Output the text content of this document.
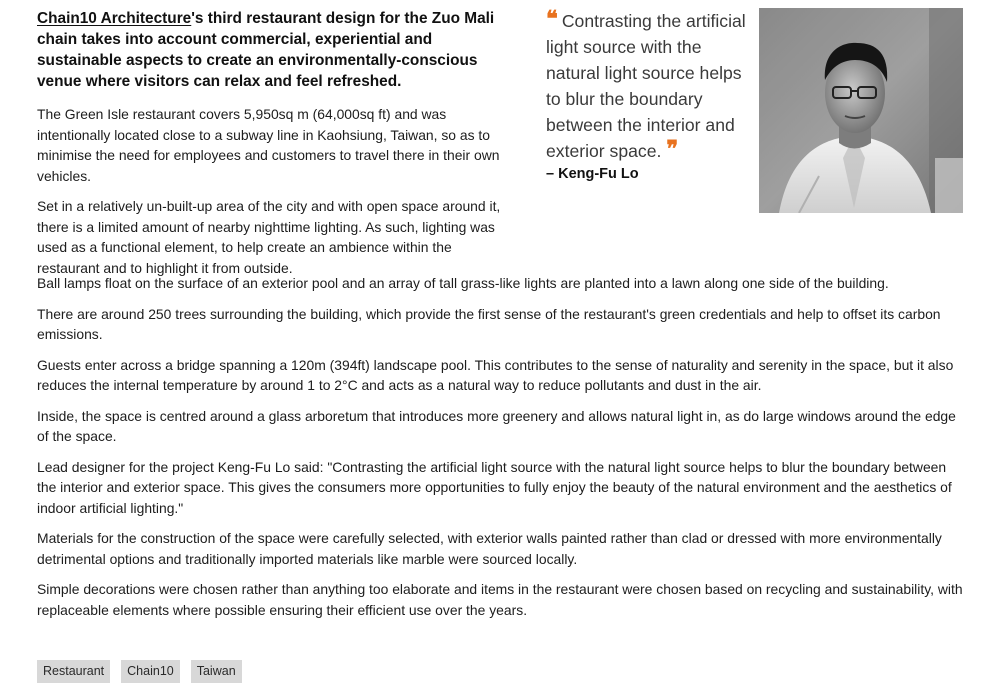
Chain10 Architecture's third restaurant design for the Zuo Mali chain takes into account commercial, experiential and sustainable aspects to create an environmentally-conscious venue where visitors can relax and feel refreshed.

The Green Isle restaurant covers 5,950sq m (64,000sq ft) and was intentionally located close to a subway line in Kaohsiung, Taiwan, so as to minimise the need for employees and customers to travel there in their own vehicles.

Set in a relatively un-built-up area of the city and with open space around it, there is a limited amount of nearby nighttime lighting. As such, lighting was used as a functional element, to help create an ambience within the restaurant and to highlight it from outside.

❝ Contrasting the artificial light source with the natural light source helps to blur the boundary between the interior and exterior space. ❞

– Keng-Fu Lo

Ball lamps float on the surface of an exterior pool and an array of tall grass-like lights are planted into a lawn along one side of the building.

There are around 250 trees surrounding the building, which provide the first sense of the restaurant's green credentials and help to offset its carbon emissions.

Guests enter across a bridge spanning a 120m (394ft) landscape pool. This contributes to the sense of naturality and serenity in the space, but it also reduces the internal temperature by around 1 to 2°C and acts as a natural way to reduce pollutants and dust in the air.

Inside, the space is centred around a glass arboretum that introduces more greenery and allows natural light in, as do large windows around the edge of the space.

Lead designer for the project Keng-Fu Lo said: "Contrasting the artificial light source with the natural light source helps to blur the boundary between the interior and exterior space. This gives the consumers more opportunities to fully enjoy the beauty of the natural environment and the aesthetics of indoor artificial lighting."

Materials for the construction of the space were carefully selected, with exterior walls painted rather than clad or dressed with more environmentally detrimental options and traditionally imported materials like marble were sourced locally.

Simple decorations were chosen rather than anything too elaborate and items in the restaurant were chosen based on recycling and sustainability, with replaceable elements where possible ensuring their efficient use over the years.

Restaurant	Chain10	Taiwan
